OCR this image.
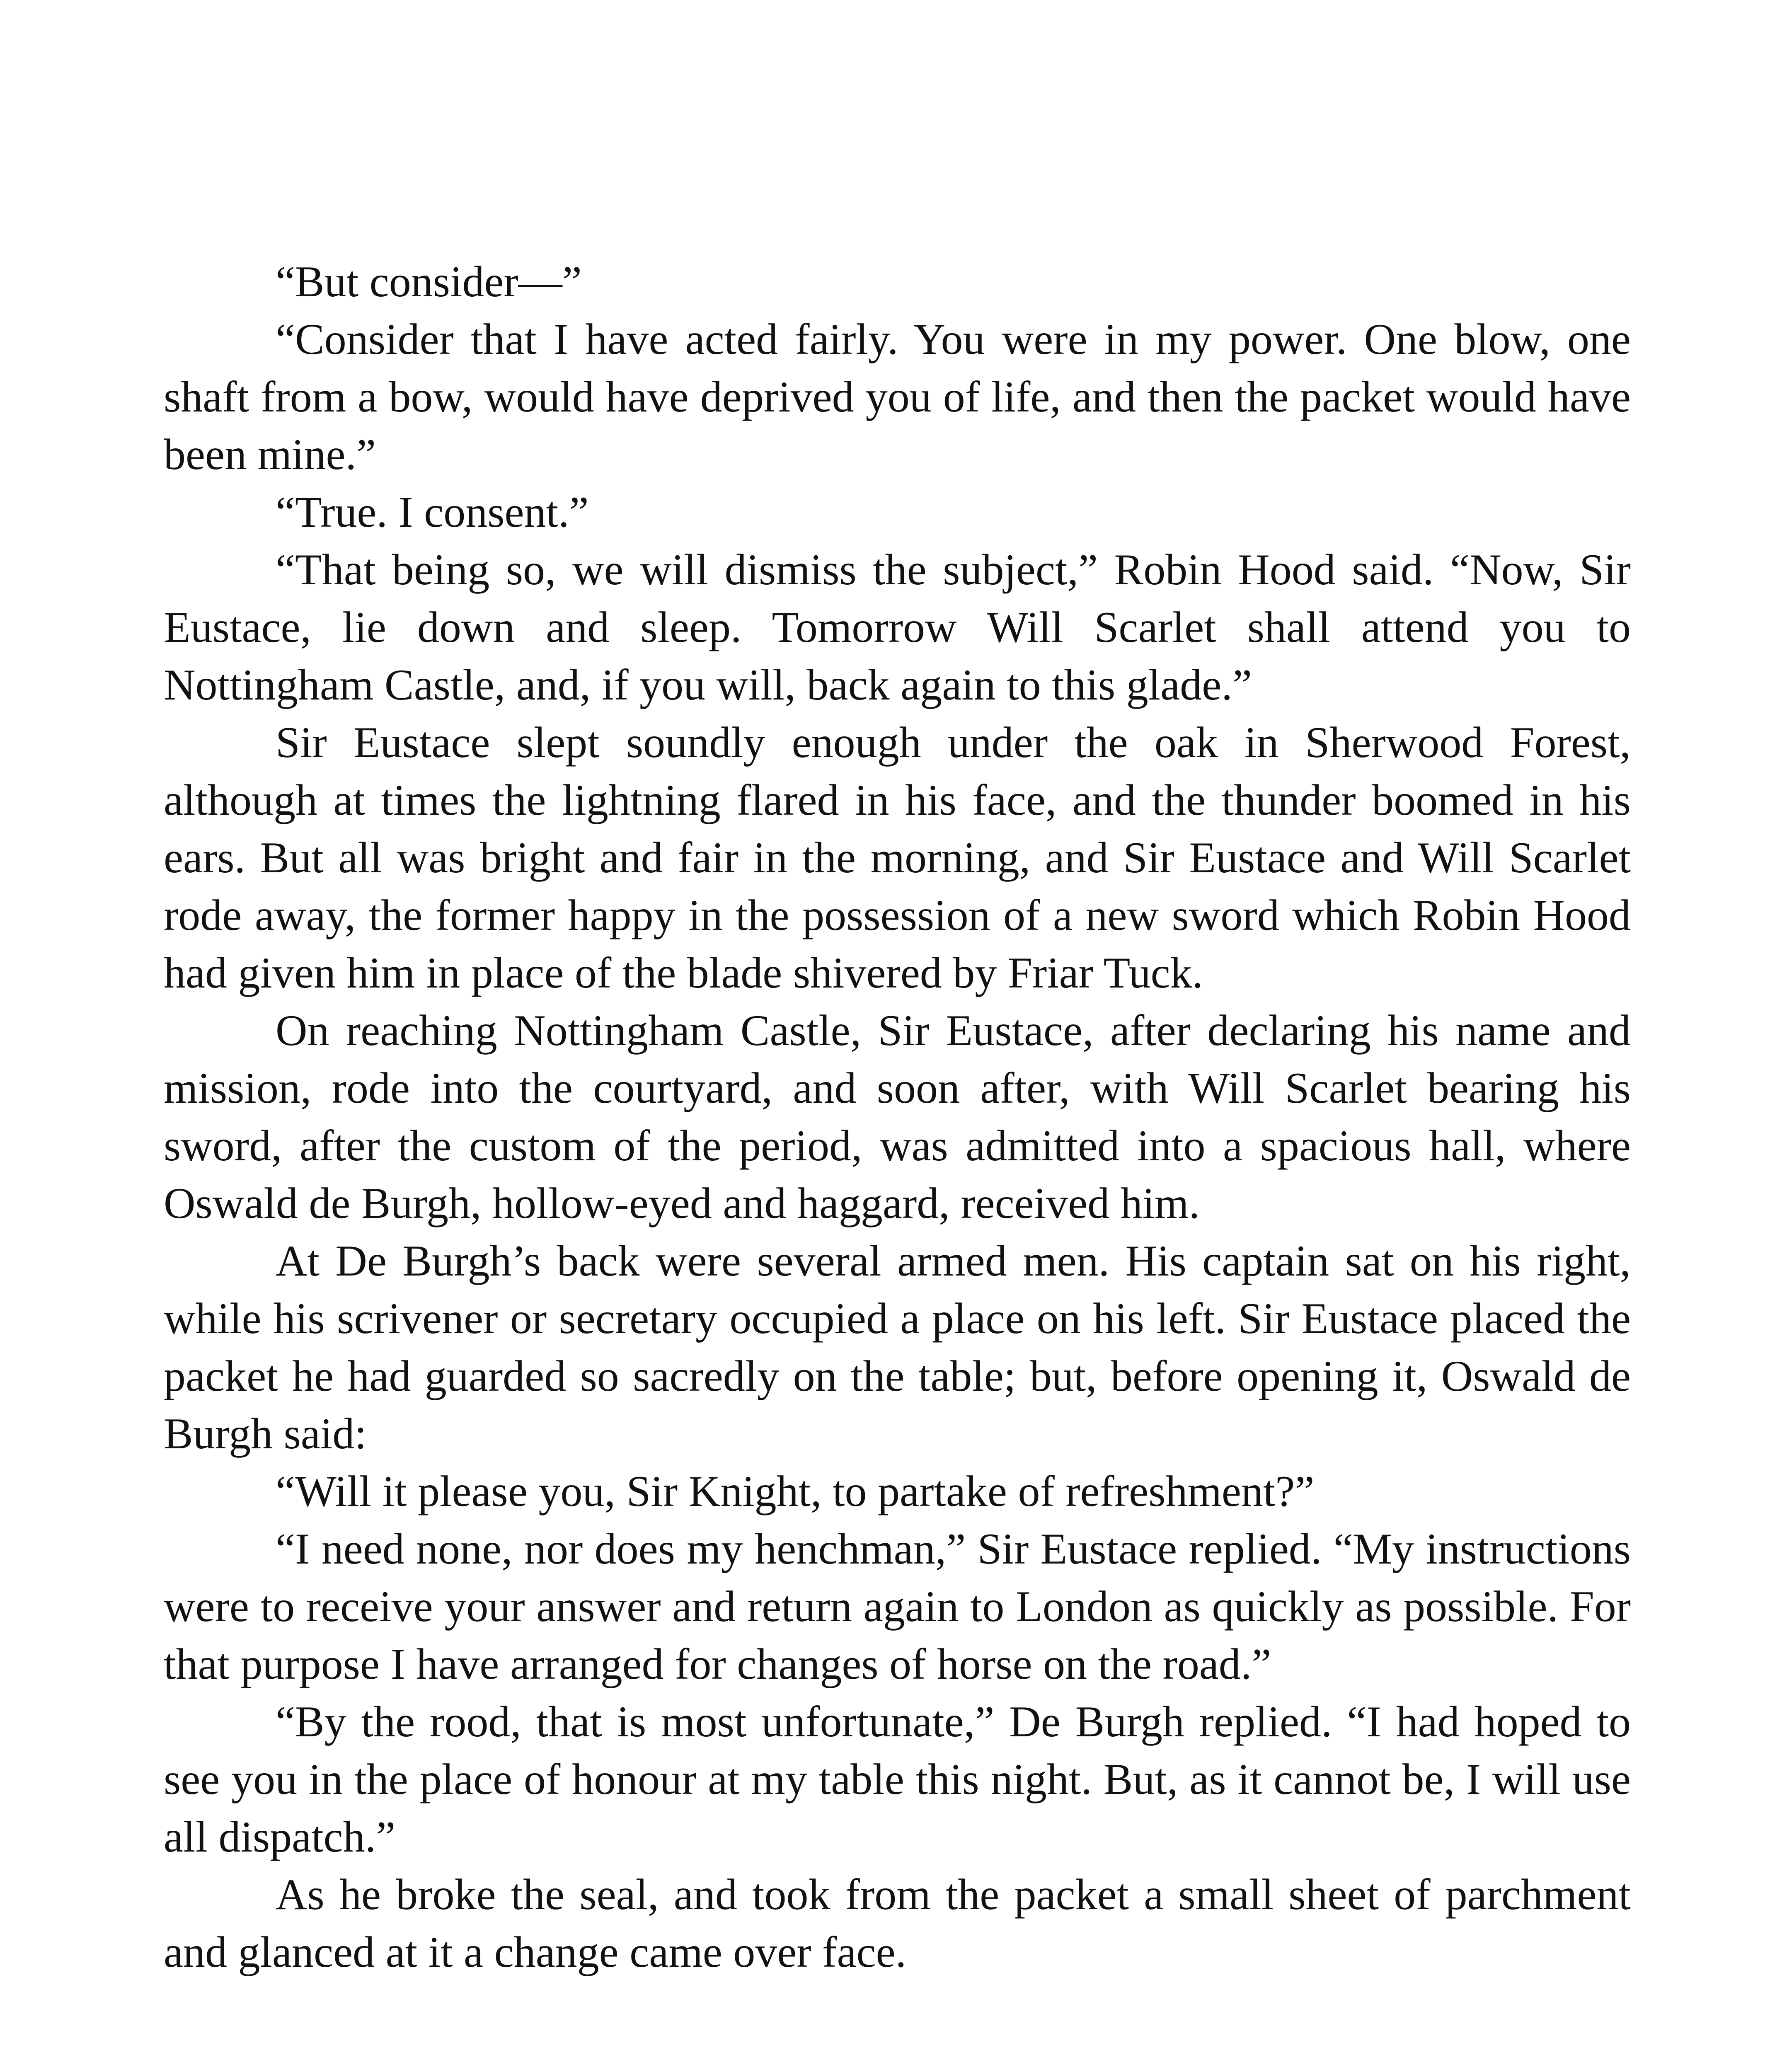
“But consider—”

“Consider that I have acted fairly. You were in my power. One blow, one shaft from a bow, would have deprived you of life, and then the packet would have been mine.”

“True. I consent.”

“That being so, we will dismiss the subject,” Robin Hood said. “Now, Sir Eustace, lie down and sleep. Tomorrow Will Scarlet shall attend you to Nottingham Castle, and, if you will, back again to this glade.”

Sir Eustace slept soundly enough under the oak in Sherwood Forest, although at times the lightning flared in his face, and the thunder boomed in his ears. But all was bright and fair in the morning, and Sir Eustace and Will Scarlet rode away, the former happy in the possession of a new sword which Robin Hood had given him in place of the blade shivered by Friar Tuck.

On reaching Nottingham Castle, Sir Eustace, after declaring his name and mission, rode into the courtyard, and soon after, with Will Scarlet bearing his sword, after the custom of the period, was admitted into a spacious hall, where Oswald de Burgh, hollow-eyed and haggard, received him.

At De Burgh’s back were several armed men. His captain sat on his right, while his scrivener or secretary occupied a place on his left. Sir Eustace placed the packet he had guarded so sacredly on the table; but, before opening it, Oswald de Burgh said:

“Will it please you, Sir Knight, to partake of refreshment?”

“I need none, nor does my henchman,” Sir Eustace replied. “My instructions were to receive your answer and return again to London as quickly as possible. For that purpose I have arranged for changes of horse on the road.”

“By the rood, that is most unfortunate,” De Burgh replied. “I had hoped to see you in the place of honour at my table this night. But, as it cannot be, I will use all dispatch.”

As he broke the seal, and took from the packet a small sheet of parchment and glanced at it a change came over face.
